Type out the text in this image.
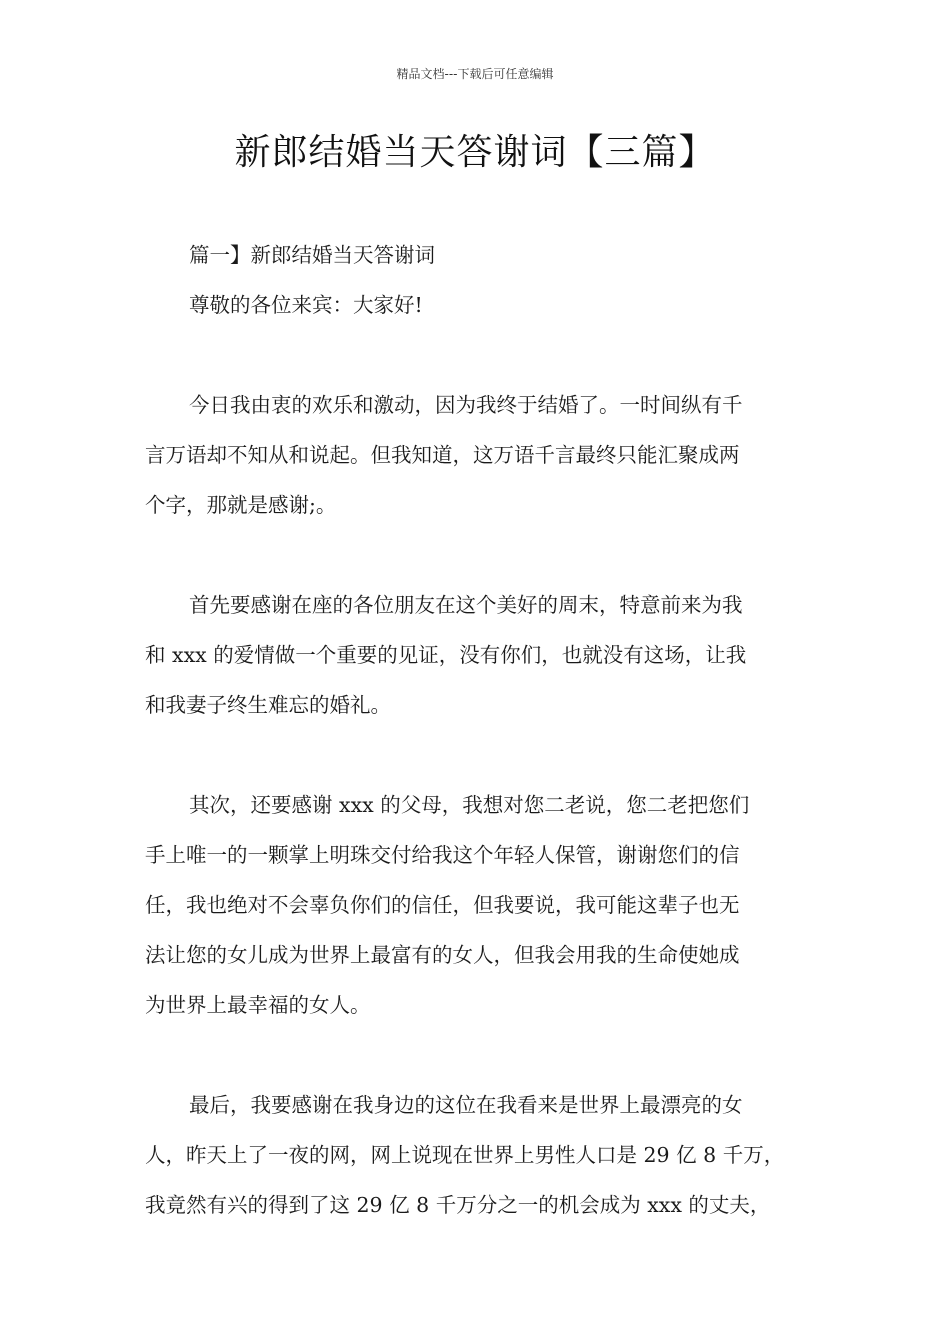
精品文档---下载后可任意编辑
新郎结婚当天答谢词【三篇】

篇一】新郎结婚当天答谢词

尊敬的各位来宾：大家好!

今日我由衷的欢乐和激动，因为我终于结婚了。一时间纵有千

言万语却不知从和说起。但我知道，这万语千言最终只能汇聚成两

个字，那就是感谢;。

首先要感谢在座的各位朋友在这个美好的周末，特意前来为我

和 xxx 的爱情做一个重要的见证，没有你们，也就没有这场，让我

和我妻子终生难忘的婚礼。

其次，还要感谢 xxx 的父母，我想对您二老说，您二老把您们

手上唯一的一颗掌上明珠交付给我这个年轻人保管，谢谢您们的信

任，我也绝对不会辜负你们的信任，但我要说，我可能这辈子也无

法让您的女儿成为世界上最富有的女人，但我会用我的生命使她成

为世界上最幸福的女人。

最后，我要感谢在我身边的这位在我看来是世界上最漂亮的女

人，昨天上了一夜的网，网上说现在世界上男性人口是 29 亿 8 千万，

我竟然有兴的得到了这 29 亿 8 千万分之一的机会成为 xxx 的丈夫，
